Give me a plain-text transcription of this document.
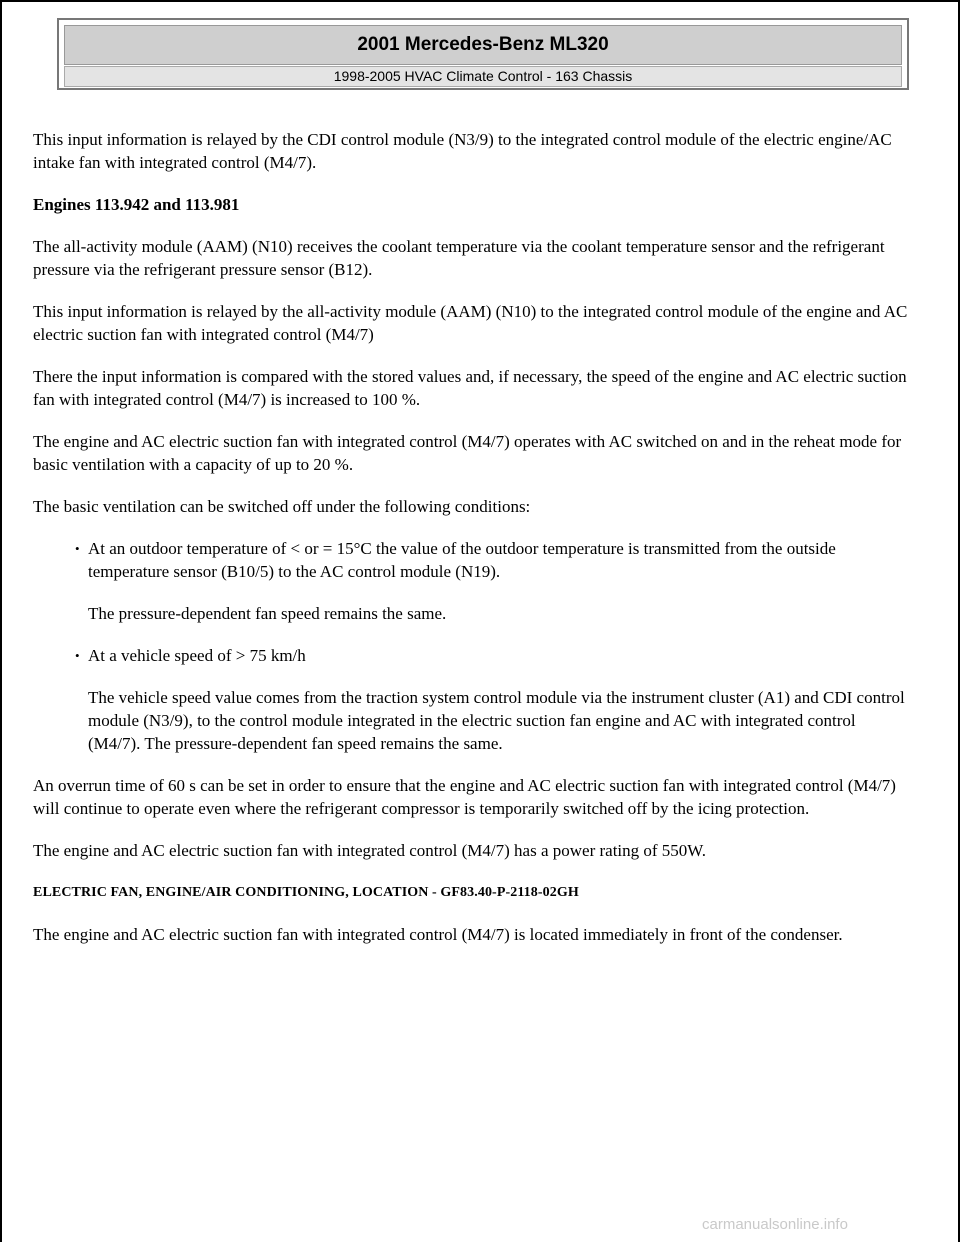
2001 Mercedes-Benz ML320
1998-2005 HVAC Climate Control - 163 Chassis

This input information is relayed by the CDI control module (N3/9) to the integrated control module of the electric engine/AC intake fan with integrated control (M4/7).

Engines 113.942 and 113.981

The all-activity module (AAM) (N10) receives the coolant temperature via the coolant temperature sensor and the refrigerant pressure via the refrigerant pressure sensor (B12).

This input information is relayed by the all-activity module (AAM) (N10) to the integrated control module of the engine and AC electric suction fan with integrated control (M4/7)

There the input information is compared with the stored values and, if necessary, the speed of the engine and AC electric suction fan with integrated control (M4/7) is increased to 100 %.

The engine and AC electric suction fan with integrated control (M4/7) operates with AC switched on and in the reheat mode for basic ventilation with a capacity of up to 20 %.

The basic ventilation can be switched off under the following conditions:

• At an outdoor temperature of < or = 15°C the value of the outdoor temperature is transmitted from the outside temperature sensor (B10/5) to the AC control module (N19).

The pressure-dependent fan speed remains the same.

• At a vehicle speed of > 75 km/h

The vehicle speed value comes from the traction system control module via the instrument cluster (A1) and CDI control module (N3/9), to the control module integrated in the electric suction fan engine and AC with integrated control (M4/7). The pressure-dependent fan speed remains the same.

An overrun time of 60 s can be set in order to ensure that the engine and AC electric suction fan with integrated control (M4/7) will continue to operate even where the refrigerant compressor is temporarily switched off by the icing protection.

The engine and AC electric suction fan with integrated control (M4/7) has a power rating of 550W.

ELECTRIC FAN, ENGINE/AIR CONDITIONING, LOCATION - GF83.40-P-2118-02GH

The engine and AC electric suction fan with integrated control (M4/7) is located immediately in front of the condenser.

carmanualsonline.info
